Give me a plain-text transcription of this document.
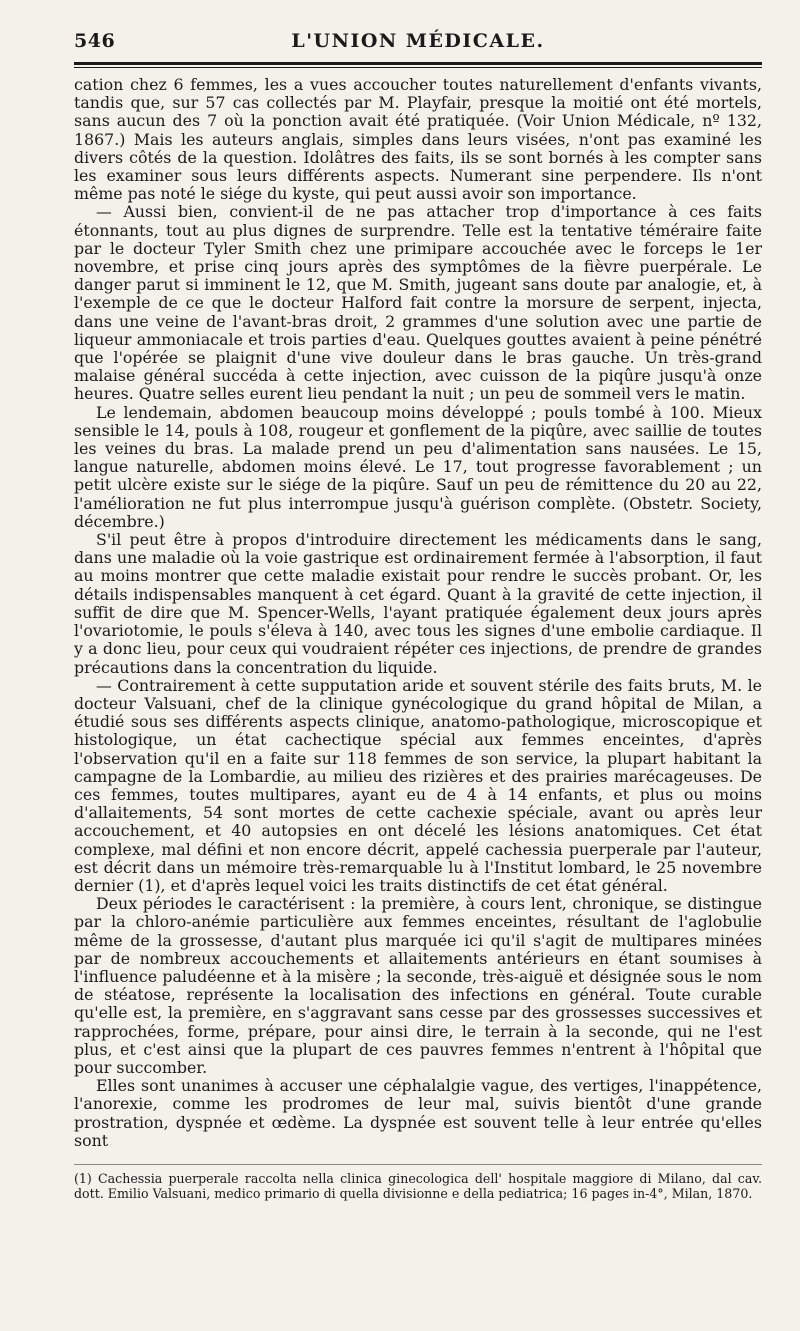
546	L'UNION MÉDICALE.

cation chez 6 femmes, les a vues accoucher toutes naturellement d'enfants vivants, tandis que, sur 57 cas collectés par M. Playfair, presque la moitié ont été mortels, sans aucun des 7 où la ponction avait été pratiquée. (Voir Union Médicale, nº 132, 1867.) Mais les auteurs anglais, simples dans leurs visées, n'ont pas examiné les divers côtés de la question. Idolâtres des faits, ils se sont bornés à les compter sans les examiner sous leurs différents aspects. Numerant sine perpendere. Ils n'ont même pas noté le siége du kyste, qui peut aussi avoir son importance.

— Aussi bien, convient-il de ne pas attacher trop d'importance à ces faits étonnants, tout au plus dignes de surprendre. Telle est la tentative téméraire faite par le docteur Tyler Smith chez une primipare accouchée avec le forceps le 1er novembre, et prise cinq jours après des symptômes de la fièvre puerpérale. Le danger parut si imminent le 12, que M. Smith, jugeant sans doute par analogie, et, à l'exemple de ce que le docteur Halford fait contre la morsure de serpent, injecta, dans une veine de l'avant-bras droit, 2 grammes d'une solution avec une partie de liqueur ammoniacale et trois parties d'eau. Quelques gouttes avaient à peine pénétré que l'opérée se plaignit d'une vive douleur dans le bras gauche. Un très-grand malaise général succéda à cette injection, avec cuisson de la piqûre jusqu'à onze heures. Quatre selles eurent lieu pendant la nuit ; un peu de sommeil vers le matin.

Le lendemain, abdomen beaucoup moins développé ; pouls tombé à 100. Mieux sensible le 14, pouls à 108, rougeur et gonflement de la piqûre, avec saillie de toutes les veines du bras. La malade prend un peu d'alimentation sans nausées. Le 15, langue naturelle, abdomen moins élevé. Le 17, tout progresse favorablement ; un petit ulcère existe sur le siége de la piqûre. Sauf un peu de rémittence du 20 au 22, l'amélioration ne fut plus interrompue jusqu'à guérison complète. (Obstetr. Society, décembre.)

S'il peut être à propos d'introduire directement les médicaments dans le sang, dans une maladie où la voie gastrique est ordinairement fermée à l'absorption, il faut au moins montrer que cette maladie existait pour rendre le succès probant. Or, les détails indispensables manquent à cet égard. Quant à la gravité de cette injection, il suffit de dire que M. Spencer-Wells, l'ayant pratiquée également deux jours après l'ovariotomie, le pouls s'éleva à 140, avec tous les signes d'une embolie cardiaque. Il y a donc lieu, pour ceux qui voudraient répéter ces injections, de prendre de grandes précautions dans la concentration du liquide.

— Contrairement à cette supputation aride et souvent stérile des faits bruts, M. le docteur Valsuani, chef de la clinique gynécologique du grand hôpital de Milan, a étudié sous ses différents aspects clinique, anatomo-pathologique, microscopique et histologique, un état cachectique spécial aux femmes enceintes, d'après l'observation qu'il en a faite sur 118 femmes de son service, la plupart habitant la campagne de la Lombardie, au milieu des rizières et des prairies marécageuses. De ces femmes, toutes multipares, ayant eu de 4 à 14 enfants, et plus ou moins d'allaitements, 54 sont mortes de cette cachexie spéciale, avant ou après leur accouchement, et 40 autopsies en ont décelé les lésions anatomiques. Cet état complexe, mal défini et non encore décrit, appelé cachessia puerperale par l'auteur, est décrit dans un mémoire très-remarquable lu à l'Institut lombard, le 25 novembre dernier (1), et d'après lequel voici les traits distinctifs de cet état général.

Deux périodes le caractérisent : la première, à cours lent, chronique, se distingue par la chloro-anémie particulière aux femmes enceintes, résultant de l'aglobulie même de la grossesse, d'autant plus marquée ici qu'il s'agit de multipares minées par de nombreux accouchements et allaitements antérieurs en étant soumises à l'influence paludéenne et à la misère ; la seconde, très-aiguë et désignée sous le nom de stéatose, représente la localisation des infections en général. Toute curable qu'elle est, la première, en s'aggravant sans cesse par des grossesses successives et rapprochées, forme, prépare, pour ainsi dire, le terrain à la seconde, qui ne l'est plus, et c'est ainsi que la plupart de ces pauvres femmes n'entrent à l'hôpital que pour succomber.

Elles sont unanimes à accuser une céphalalgie vague, des vertiges, l'inappétence, l'anorexie, comme les prodromes de leur mal, suivis bientôt d'une grande prostration, dyspnée et œdème. La dyspnée est souvent telle à leur entrée qu'elles sont

(1) Cachessia puerperale raccolta nella clinica ginecologica dell' hospitale maggiore di Milano, dal cav. dott. Emilio Valsuani, medico primario di quella divisionne e della pediatrica; 16 pages in-4°, Milan, 1870.
